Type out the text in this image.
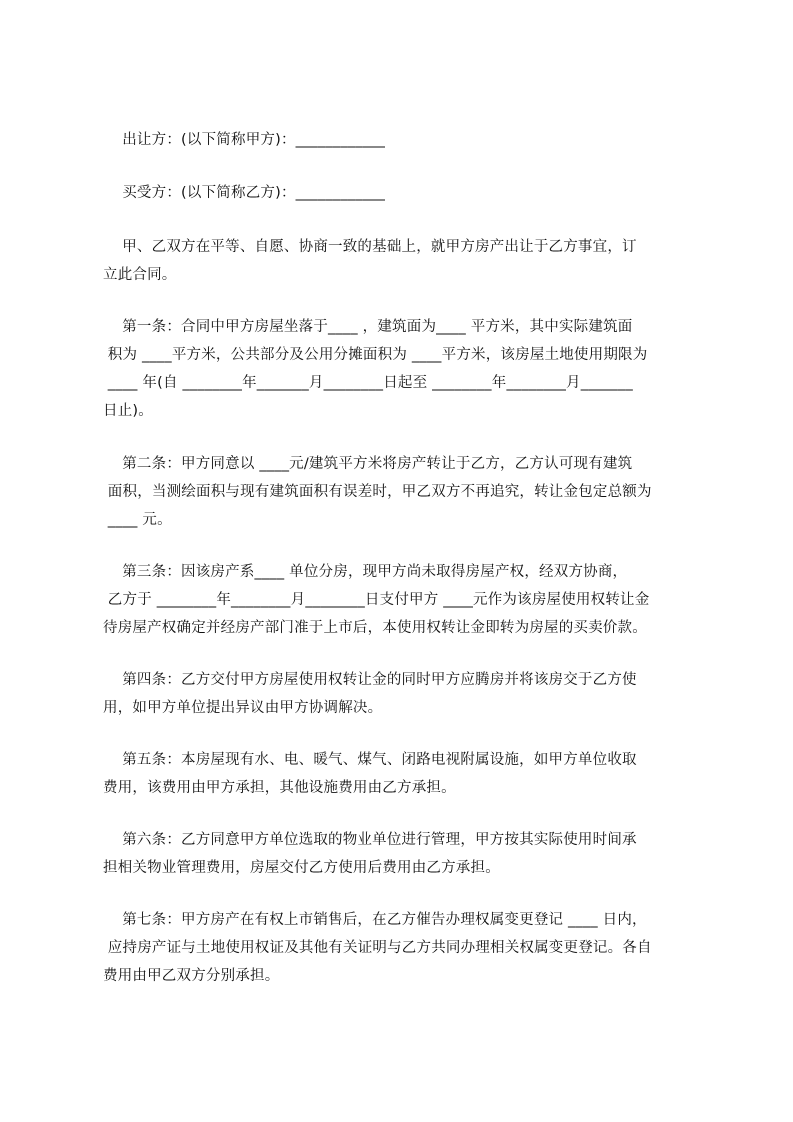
出让方：(以下简称甲方)：____________
买受方：(以下简称乙方)：____________
甲、乙双方在平等、自愿、协商一致的基础上，就甲方房产出让于乙方事宜，订
立此合同。
第一条：合同中甲方房屋坐落于____ ，建筑面为____ 平方米，其中实际建筑面
积为 ____平方米，公共部分及公用分摊面积为 ____平方米，该房屋土地使用期限为
____ 年(自 ________年_______月________日起至 ________年________月_______
日止)。
第二条：甲方同意以 ____元/建筑平方米将房产转让于乙方，乙方认可现有建筑
面积，当测绘面积与现有建筑面积有误差时，甲乙双方不再追究，转让金包定总额为
____ 元。
第三条：因该房产系____ 单位分房，现甲方尚未取得房屋产权，经双方协商，
乙方于 ________年________月________日支付甲方 ____元作为该房屋使用权转让金
待房屋产权确定并经房产部门准于上市后，本使用权转让金即转为房屋的买卖价款。
第四条：乙方交付甲方房屋使用权转让金的同时甲方应腾房并将该房交于乙方使
用，如甲方单位提出异议由甲方协调解决。
第五条：本房屋现有水、电、暖气、煤气、闭路电视附属设施，如甲方单位收取
费用，该费用由甲方承担，其他设施费用由乙方承担。
第六条：乙方同意甲方单位选取的物业单位进行管理，甲方按其实际使用时间承
担相关物业管理费用，房屋交付乙方使用后费用由乙方承担。
第七条：甲方房产在有权上市销售后，在乙方催告办理权属变更登记 ____ 日内，
应持房产证与土地使用权证及其他有关证明与乙方共同办理相关权属变更登记。各自
费用由甲乙双方分别承担。
